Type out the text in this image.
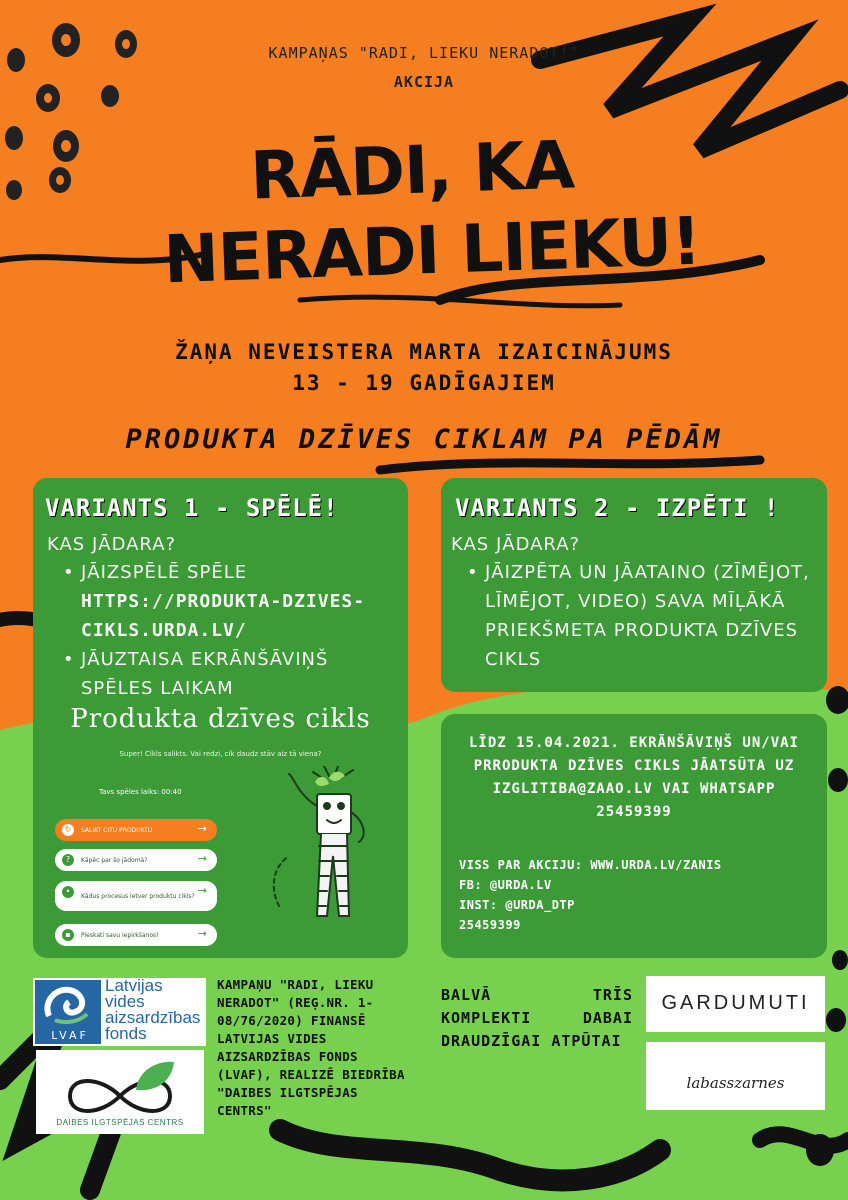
KAMPAŅAS "RADI, LIEKU NERADOT!"
AKCIJA
RĀDI, KA
NERADI LIEKU!
ŽAŅA NEVEISTERA MARTA IZAICINĀJUMS
13 - 19 GADĪGAJIEM
PRODUKTA DZĪVES CIKLAM PA PĒDĀM
VARIANTS 1 - SPĒLĒ!
KAS JĀDARA?
• JĀIZSPĒLĒ SPĒLE
HTTPS://PRODUKTA-DZIVES-CIKLS.URDA.LV/
• JĀUZTAISA EKRĀNŠĀVIŅŠ SPĒLES LAIKAM
Produkta dzīves cikls
Super! Cikls salikts. Vai redzi, cik daudz stāv aiz tā viena?
Tavs spēles laiks: 00:40
↻	SALIKT CITU PRODUKTU	→
?	Kāpēc par šo jādomā?	→
•	Kādus procesus ietver produktu cikls? →
▪	Pieskati savu iepirkšanos!	→
VARIANTS 2 - IZPĒTI !
KAS JĀDARA?
• JĀIZPĒTA UN JĀATAINO (ZĪMĒJOT, LĪMĒJOT, VIDEO) SAVA MĪĻĀKĀ PRIEKŠMETA PRODUKTA DZĪVES CIKLS
LĪDZ 15.04.2021. EKRĀNŠĀVIŅŠ UN/VAI PRRODUKTA DZĪVES CIKLS JĀATSŪTA UZ IZGLITIBA@ZAAO.LV VAI WHATSAPP 25459399
VISS PAR AKCIJU: WWW.URDA.LV/ZANIS
FB: @URDA.LV
INST: @URDA_DTP
25459399
LVAF
Latvijas vides aizsardzības fonds
DAIBES ILGTSPĒJAS CENTRS
KAMPAŅU "RADI, LIEKU NERADOT" (REĢ.NR. 1-08/76/2020) FINANSĒ LATVIJAS VIDES AIZSARDZĪBAS FONDS (LVAF), REALIZĒ BIEDRĪBA "DAIBES ILGTSPĒJAS CENTRS"
BALVĀ TRĪS KOMPLEKTI DABAI DRAUDZĪGAI ATPŪTAI
GARDUMUTI
labasszarnes
